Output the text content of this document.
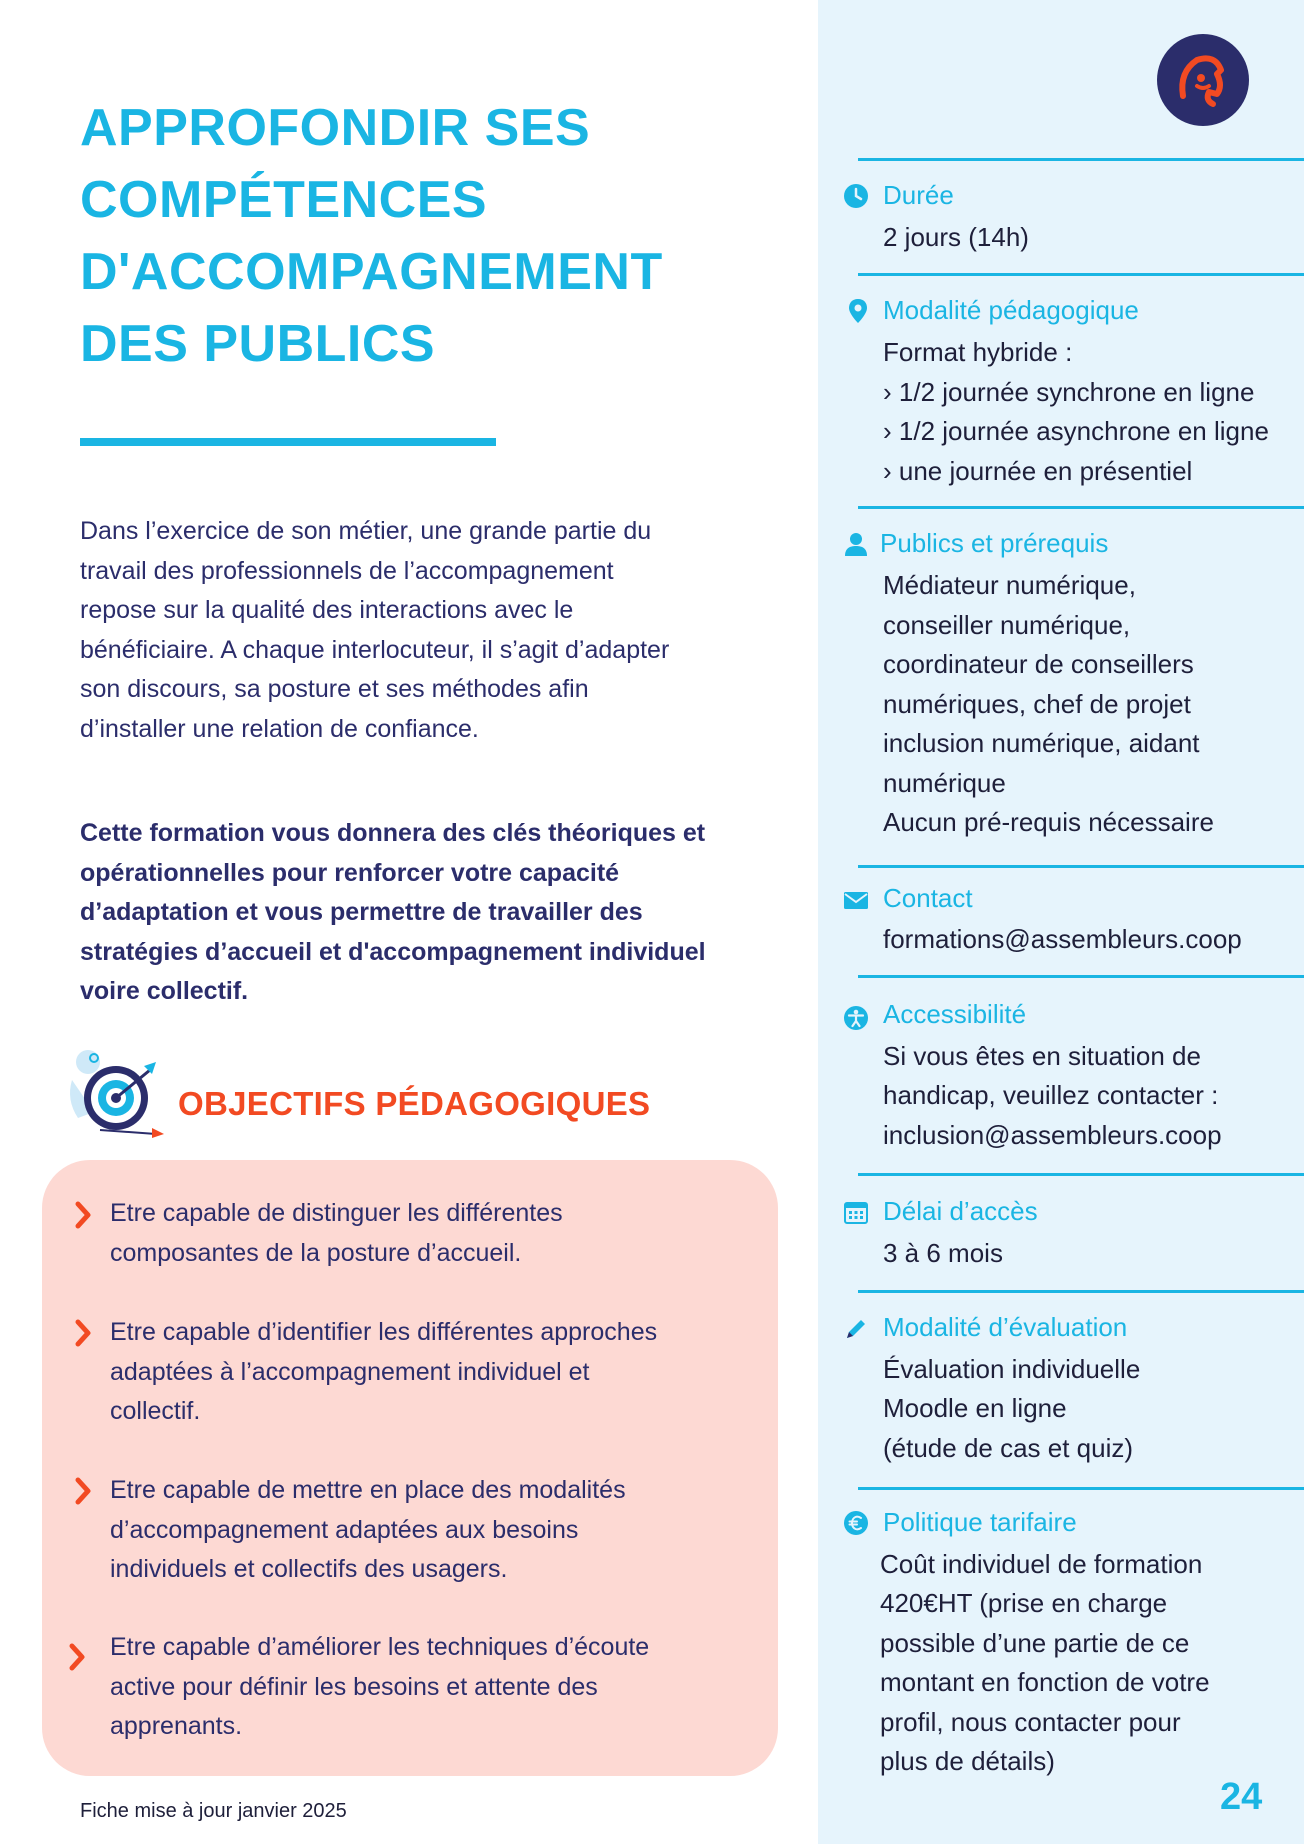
APPROFONDIR SES
COMPÉTENCES
D'ACCOMPAGNEMENT
DES PUBLICS
Dans l’exercice de son métier, une grande partie du
travail des professionnels de l’accompagnement
repose sur la qualité des interactions avec le
bénéficiaire. A chaque interlocuteur, il s’agit d’adapter
son discours, sa posture et ses méthodes afin
d’installer une relation de confiance.
Cette formation vous donnera des clés théoriques et
opérationnelles pour renforcer votre capacité
d’adaptation et vous permettre de travailler des
stratégies d’accueil et d'accompagnement individuel
voire collectif.
OBJECTIFS PÉDAGOGIQUES
Etre capable de distinguer les différentes
composantes de la posture d’accueil.
Etre capable d’identifier les différentes approches
adaptées à l’accompagnement individuel et
collectif.
Etre capable de mettre en place des modalités
d’accompagnement adaptées aux besoins
individuels et collectifs des usagers.
Etre capable d’améliorer les techniques d’écoute
active pour définir les besoins et attente des
apprenants.
Fiche mise à jour janvier 2025
Durée
2 jours (14h)
Modalité pédagogique
Format hybride :
› 1/2 journée synchrone en ligne
› 1/2 journée asynchrone en ligne
› une journée en présentiel
Publics et prérequis
Médiateur numérique,
conseiller numérique,
coordinateur de conseillers
numériques, chef de projet
inclusion numérique, aidant
numérique
Aucun pré-requis nécessaire
Contact
formations@assembleurs.coop
Accessibilité
Si vous êtes en situation de
handicap, veuillez contacter :
inclusion@assembleurs.coop
Délai d’accès
3 à 6 mois
Modalité d’évaluation
Évaluation individuelle
Moodle en ligne
(étude de cas et quiz)
Politique tarifaire
Coût individuel de formation
420€HT (prise en charge
possible d’une partie de ce
montant en fonction de votre
profil, nous contacter pour
plus de détails)
24
